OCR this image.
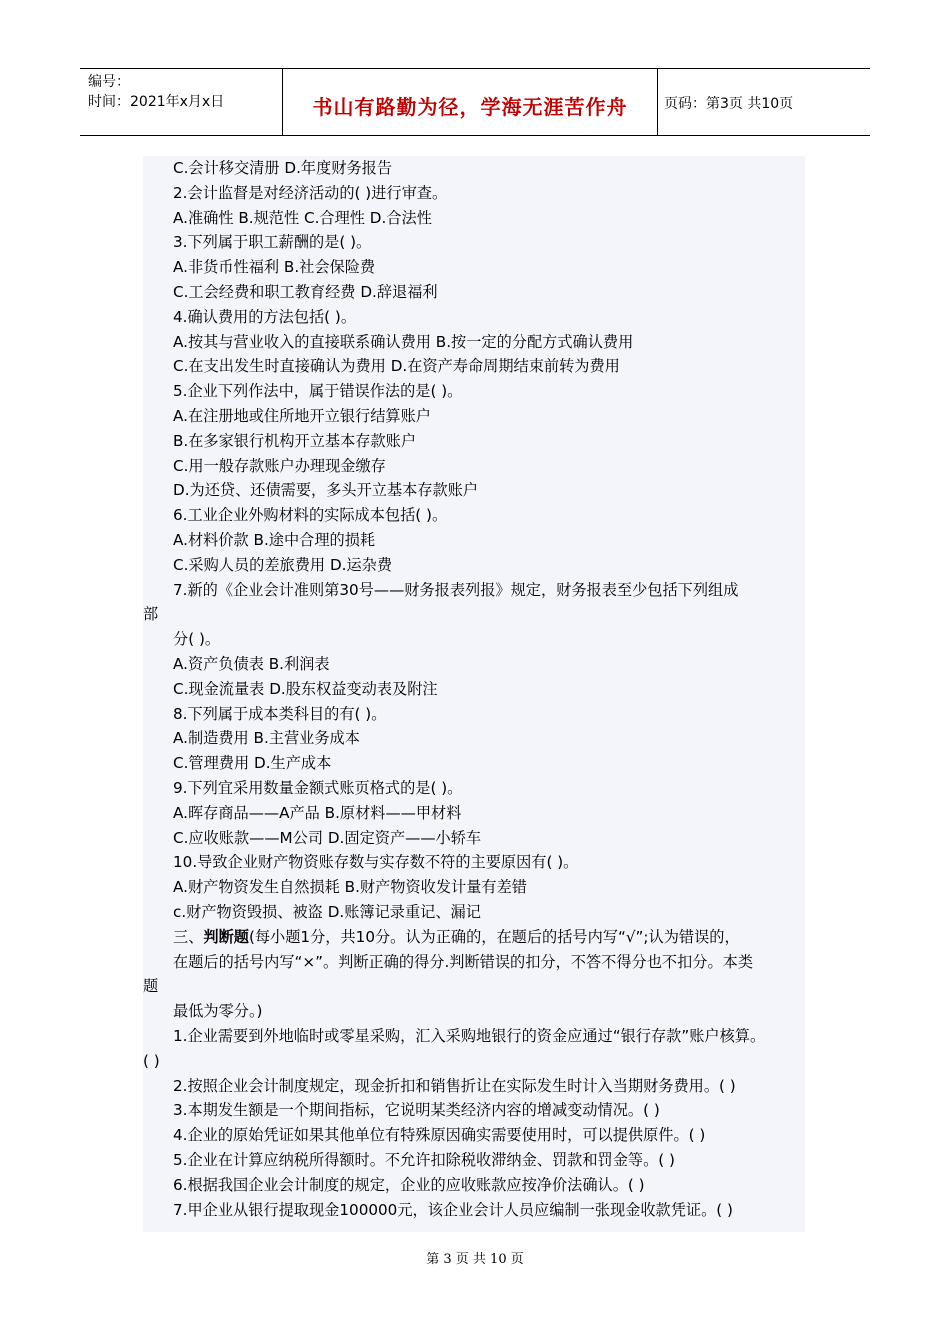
编号：
时间：2021年x月x日	书山有路勤为径，学海无涯苦作舟	页码：第3页 共10页
C.会计移交清册 D.年度财务报告
2.会计监督是对经济活动的( )进行审查。
A.准确性 B.规范性 C.合理性 D.合法性
3.下列属于职工薪酬的是( )。
A.非货币性福利 B.社会保险费
C.工会经费和职工教育经费 D.辞退福利
4.确认费用的方法包括( )。
A.按其与营业收入的直接联系确认费用 B.按一定的分配方式确认费用
C.在支出发生时直接确认为费用 D.在资产寿命周期结束前转为费用
5.企业下列作法中，属于错误作法的是( )。
A.在注册地或住所地开立银行结算账户
B.在多家银行机构开立基本存款账户
C.用一般存款账户办理现金缴存
D.为还贷、还债需要，多头开立基本存款账户
6.工业企业外购材料的实际成本包括( )。
A.材料价款 B.途中合理的损耗
C.采购人员的差旅费用 D.运杂费
7.新的《企业会计准则第30号——财务报表列报》规定，财务报表至少包括下列组成
部
分( )。
A.资产负债表 B.利润表
C.现金流量表 D.股东权益变动表及附注
8.下列属于成本类科目的有( )。
A.制造费用 B.主营业务成本
C.管理费用 D.生产成本
9.下列宜采用数量金额式账页格式的是( )。
A.晖存商品——A产品 B.原材料——甲材料
C.应收账款——M公司 D.固定资产——小轿车
10.导致企业财产物资账存数与实存数不符的主要原因有( )。
A.财产物资发生自然损耗 B.财产物资收发计量有差错
c.财产物资毁损、被盗 D.账簿记录重记、漏记
三、判断题(每小题1分，共10分。认为正确的，在题后的括号内写“√”;认为错误的，
在题后的括号内写“×”。判断正确的得分.判断错误的扣分，不答不得分也不扣分。本类
题
最低为零分。)
1.企业需要到外地临时或零星采购，汇入采购地银行的资金应通过“银行存款”账户核算。
( )
2.按照企业会计制度规定，现金折扣和销售折让在实际发生时计入当期财务费用。( )
3.本期发生额是一个期间指标，它说明某类经济内容的增减变动情况。( )
4.企业的原始凭证如果其他单位有特殊原因确实需要使用时，可以提供原件。( )
5.企业在计算应纳税所得额时。不允许扣除税收滞纳金、罚款和罚金等。( )
6.根据我国企业会计制度的规定，企业的应收账款应按净价法确认。( )
7.甲企业从银行提取现金100000元，该企业会计人员应编制一张现金收款凭证。( )
第 3 页 共 10 页
